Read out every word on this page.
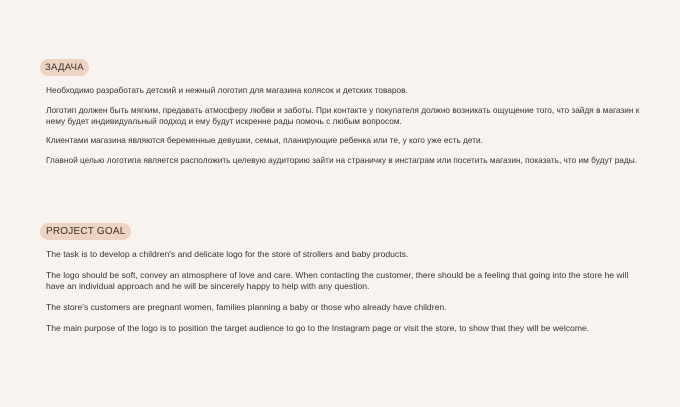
ЗАДАЧА

Необходимо разработать детский и нежный логотип для магазина колясок и детских товаров.

Логотип должен быть мягким, предавать атмосферу любви и заботы. При контакте у покупателя должно возникать ощущение того, что зайдя в магазин к нему будет индивидуальный подход и ему будут искренне рады помочь с любым вопросом.

Клиентами магазина являются беременные девушки, семьи, планирующие ребенка или те, у кого уже есть дети.

Главной целью логотипа является расположить целевую аудиторию зайти на страничку в инстаграм или посетить магазин, показать, что им будут рады.

PROJECT GOAL

The task is to develop a children's and delicate logo for the store of strollers and baby products.

The logo should be soft, convey an atmosphere of love and care. When contacting the customer, there should be a feeling that going into the store he will have an individual approach and he will be sincerely happy to help with any question.

The store's customers are pregnant women, families planning a baby or those who already have children.

The main purpose of the logo is to position the target audience to go to the Instagram page or visit the store, to show that they will be welcome.
